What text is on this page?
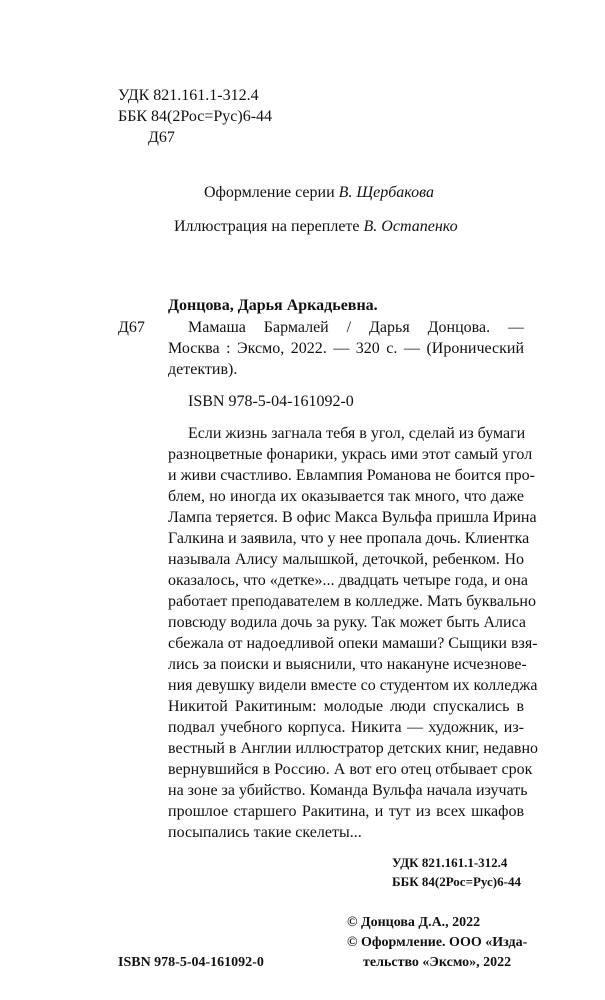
УДК 821.161.1-312.4
ББК 84(2Рос=Рус)6-44
Д67
Оформление серии В. Щербакова
Иллюстрация на переплете В. Остапенко
Донцова, Дарья Аркадьевна.
Д67	Мамаша Бармалей / Дарья Донцова. —
Москва : Эксмо, 2022. — 320 с. — (Иронический
детектив).
ISBN 978-5-04-161092-0
Если жизнь загнала тебя в угол, сделай из бумаги
разноцветные фонарики, укрась ими этот самый угол
и живи счастливо. Евлампия Романова не боится про-
блем, но иногда их оказывается так много, что даже
Лампа теряется. В офис Макса Вульфа пришла Ирина
Галкина и заявила, что у нее пропала дочь. Клиентка
называла Алису малышкой, деточкой, ребенком. Но
оказалось, что «детке»... двадцать четыре года, и она
работает преподавателем в колледже. Мать буквально
повсюду водила дочь за руку. Так может быть Алиса
сбежала от надоедливой опеки мамаши? Сыщики взя-
лись за поиски и выяснили, что накануне исчезнове-
ния девушку видели вместе со студентом их колледжа
Никитой Ракитиным: молодые люди спускались в
подвал учебного корпуса. Никита — художник, из-
вестный в Англии иллюстратор детских книг, недавно
вернувшийся в Россию. А вот его отец отбывает срок
на зоне за убийство. Команда Вульфа начала изучать
прошлое старшего Ракитина, и тут из всех шкафов
посыпались такие скелеты...
УДК 821.161.1-312.4
ББК 84(2Рос=Рус)6-44
© Донцова Д.А., 2022
© Оформление. ООО «Изда-
тельство «Эксмо», 2022
ISBN 978-5-04-161092-0
